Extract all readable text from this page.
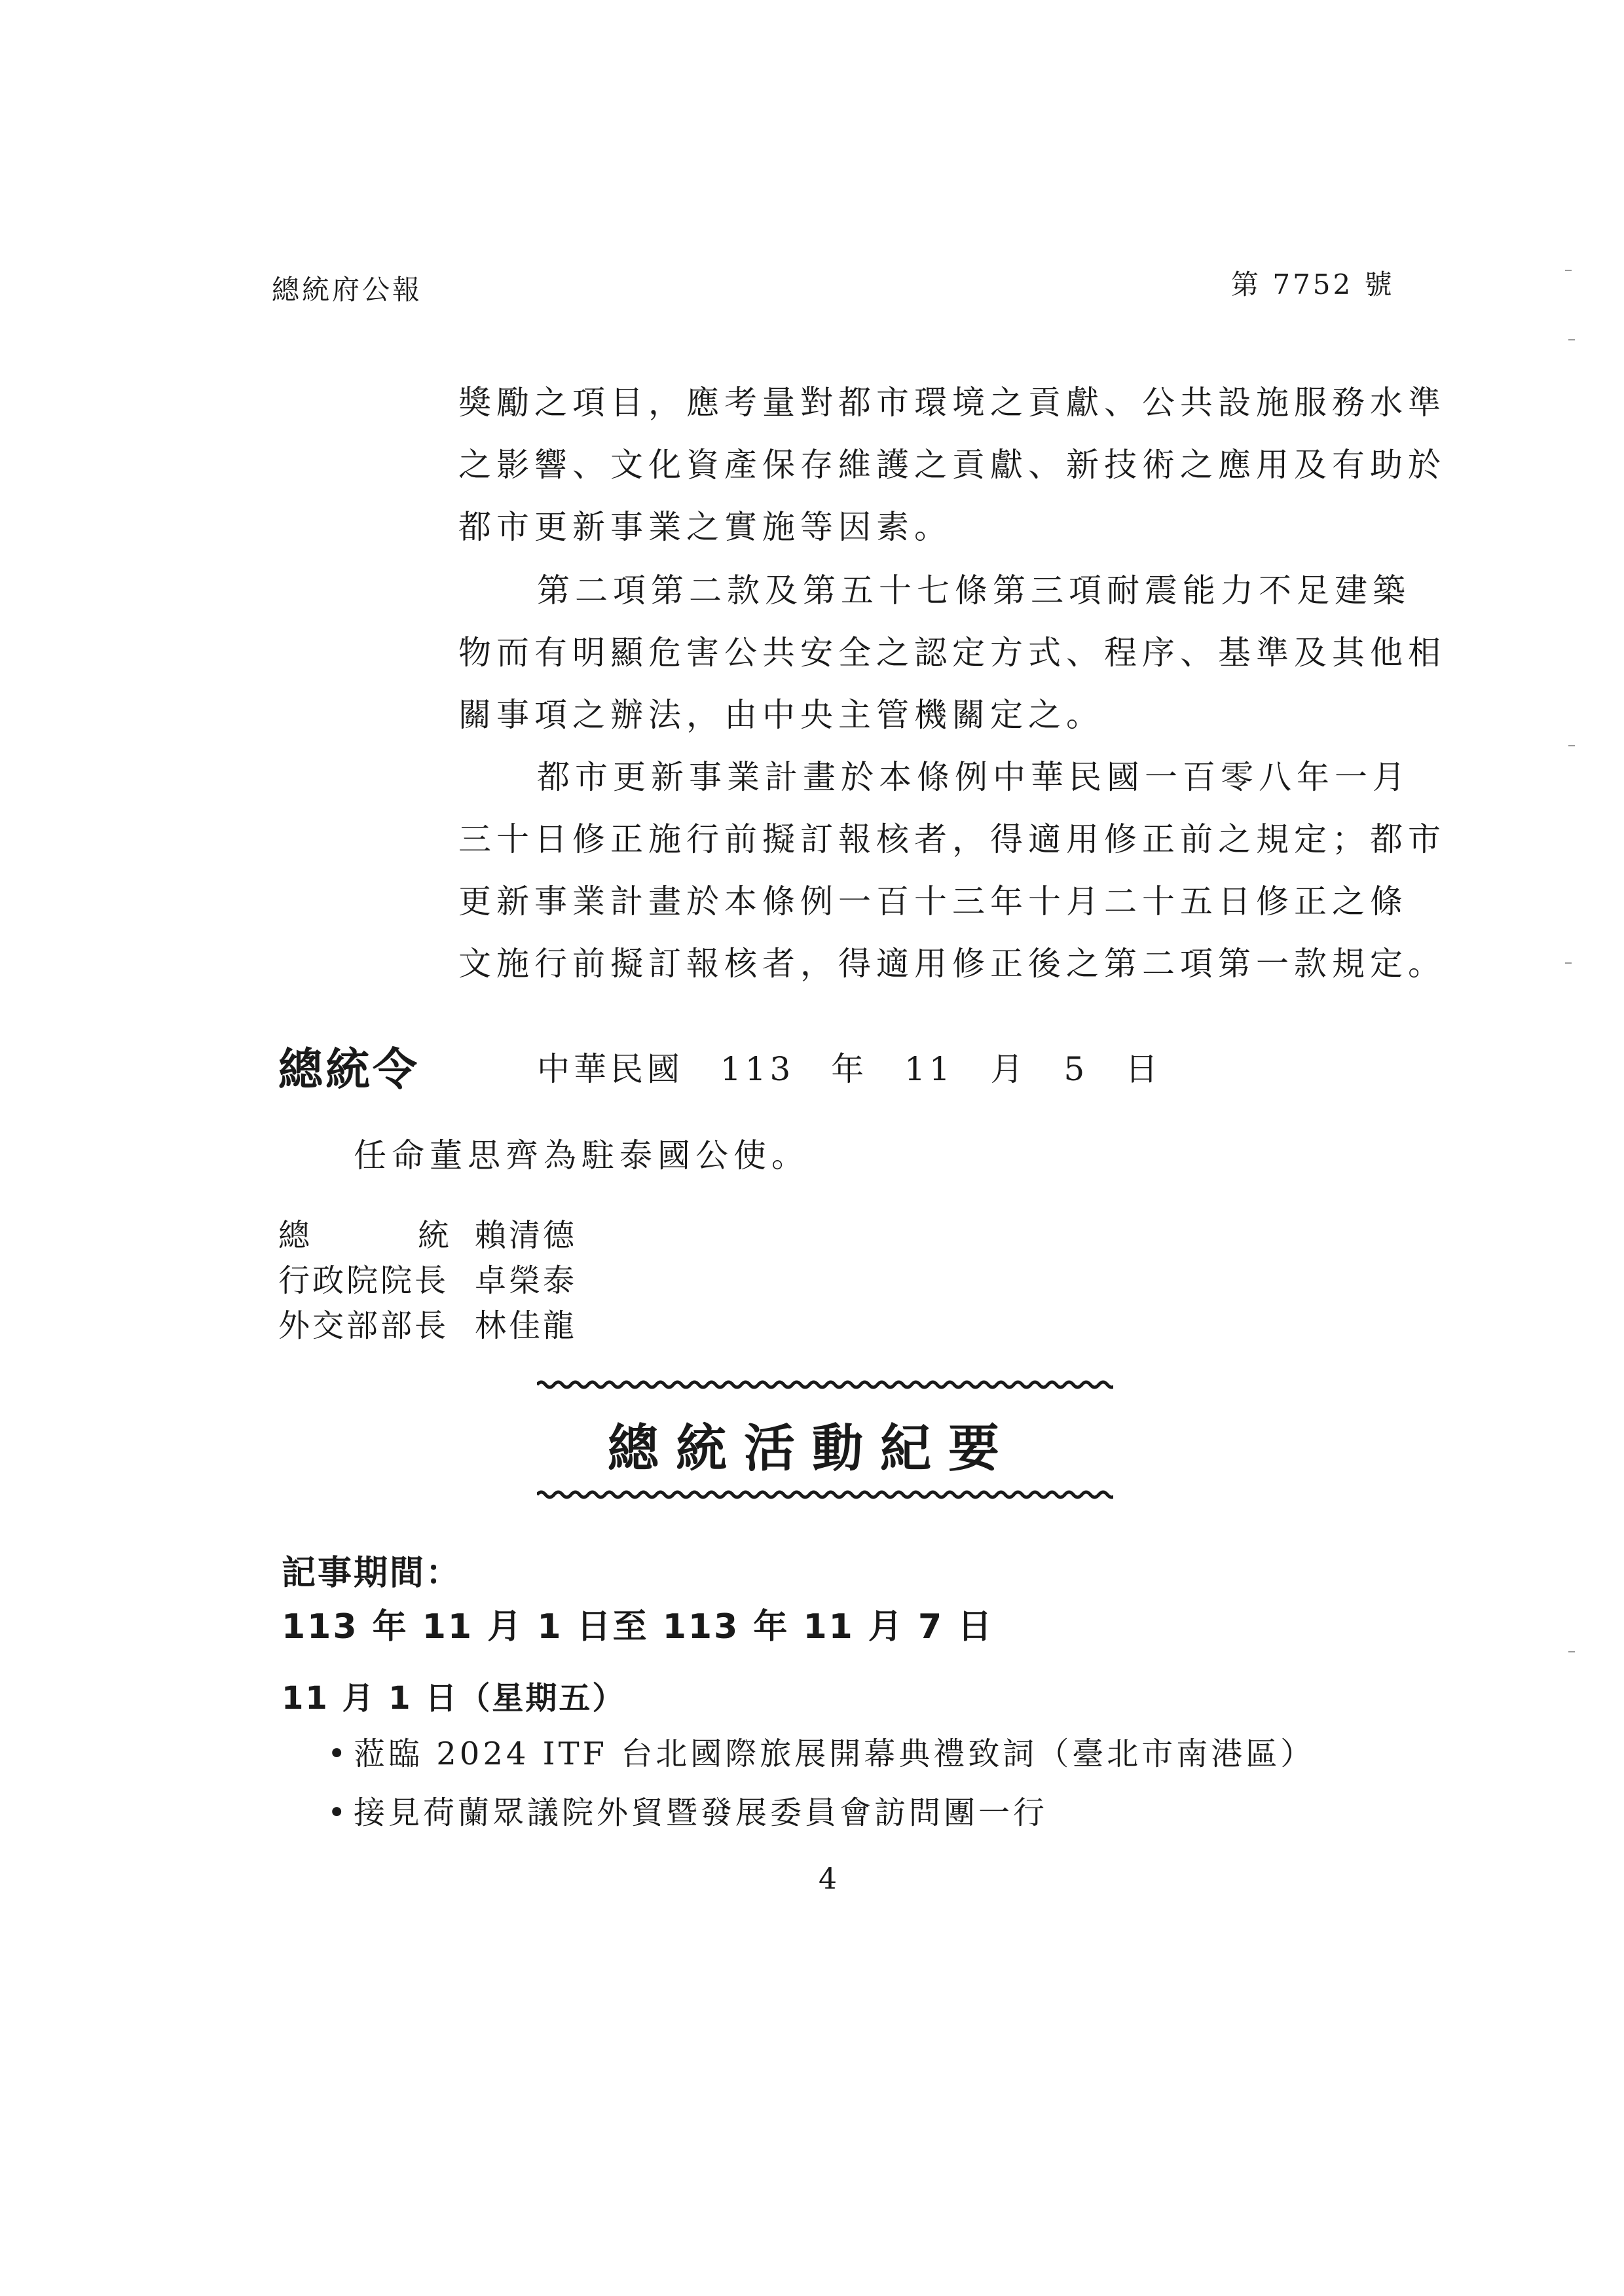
總統府公報	第 7752 號
獎勵之項目，應考量對都市環境之貢獻、公共設施服務水準
之影響、文化資產保存維護之貢獻、新技術之應用及有助於
都市更新事業之實施等因素。
第二項第二款及第五十七條第三項耐震能力不足建築
物而有明顯危害公共安全之認定方式、程序、基準及其他相
關事項之辦法，由中央主管機關定之。
都市更新事業計畫於本條例中華民國一百零八年一月
三十日修正施行前擬訂報核者，得適用修正前之規定；都市
更新事業計畫於本條例一百十三年十月二十五日修正之條
文施行前擬訂報核者，得適用修正後之第二項第一款規定。
總統令	中華民國 113 年 11 月 5 日
任命董思齊為駐泰國公使。
總	統 賴清德
行政院院長 卓榮泰
外交部部長 林佳龍
總統活動紀要
記事期間：
113 年 11 月 1 日至 113 年 11 月 7 日
11 月 1 日（星期五）
• 蒞臨 2024 ITF 台北國際旅展開幕典禮致詞（臺北市南港區）
• 接見荷蘭眾議院外貿暨發展委員會訪問團一行
4
